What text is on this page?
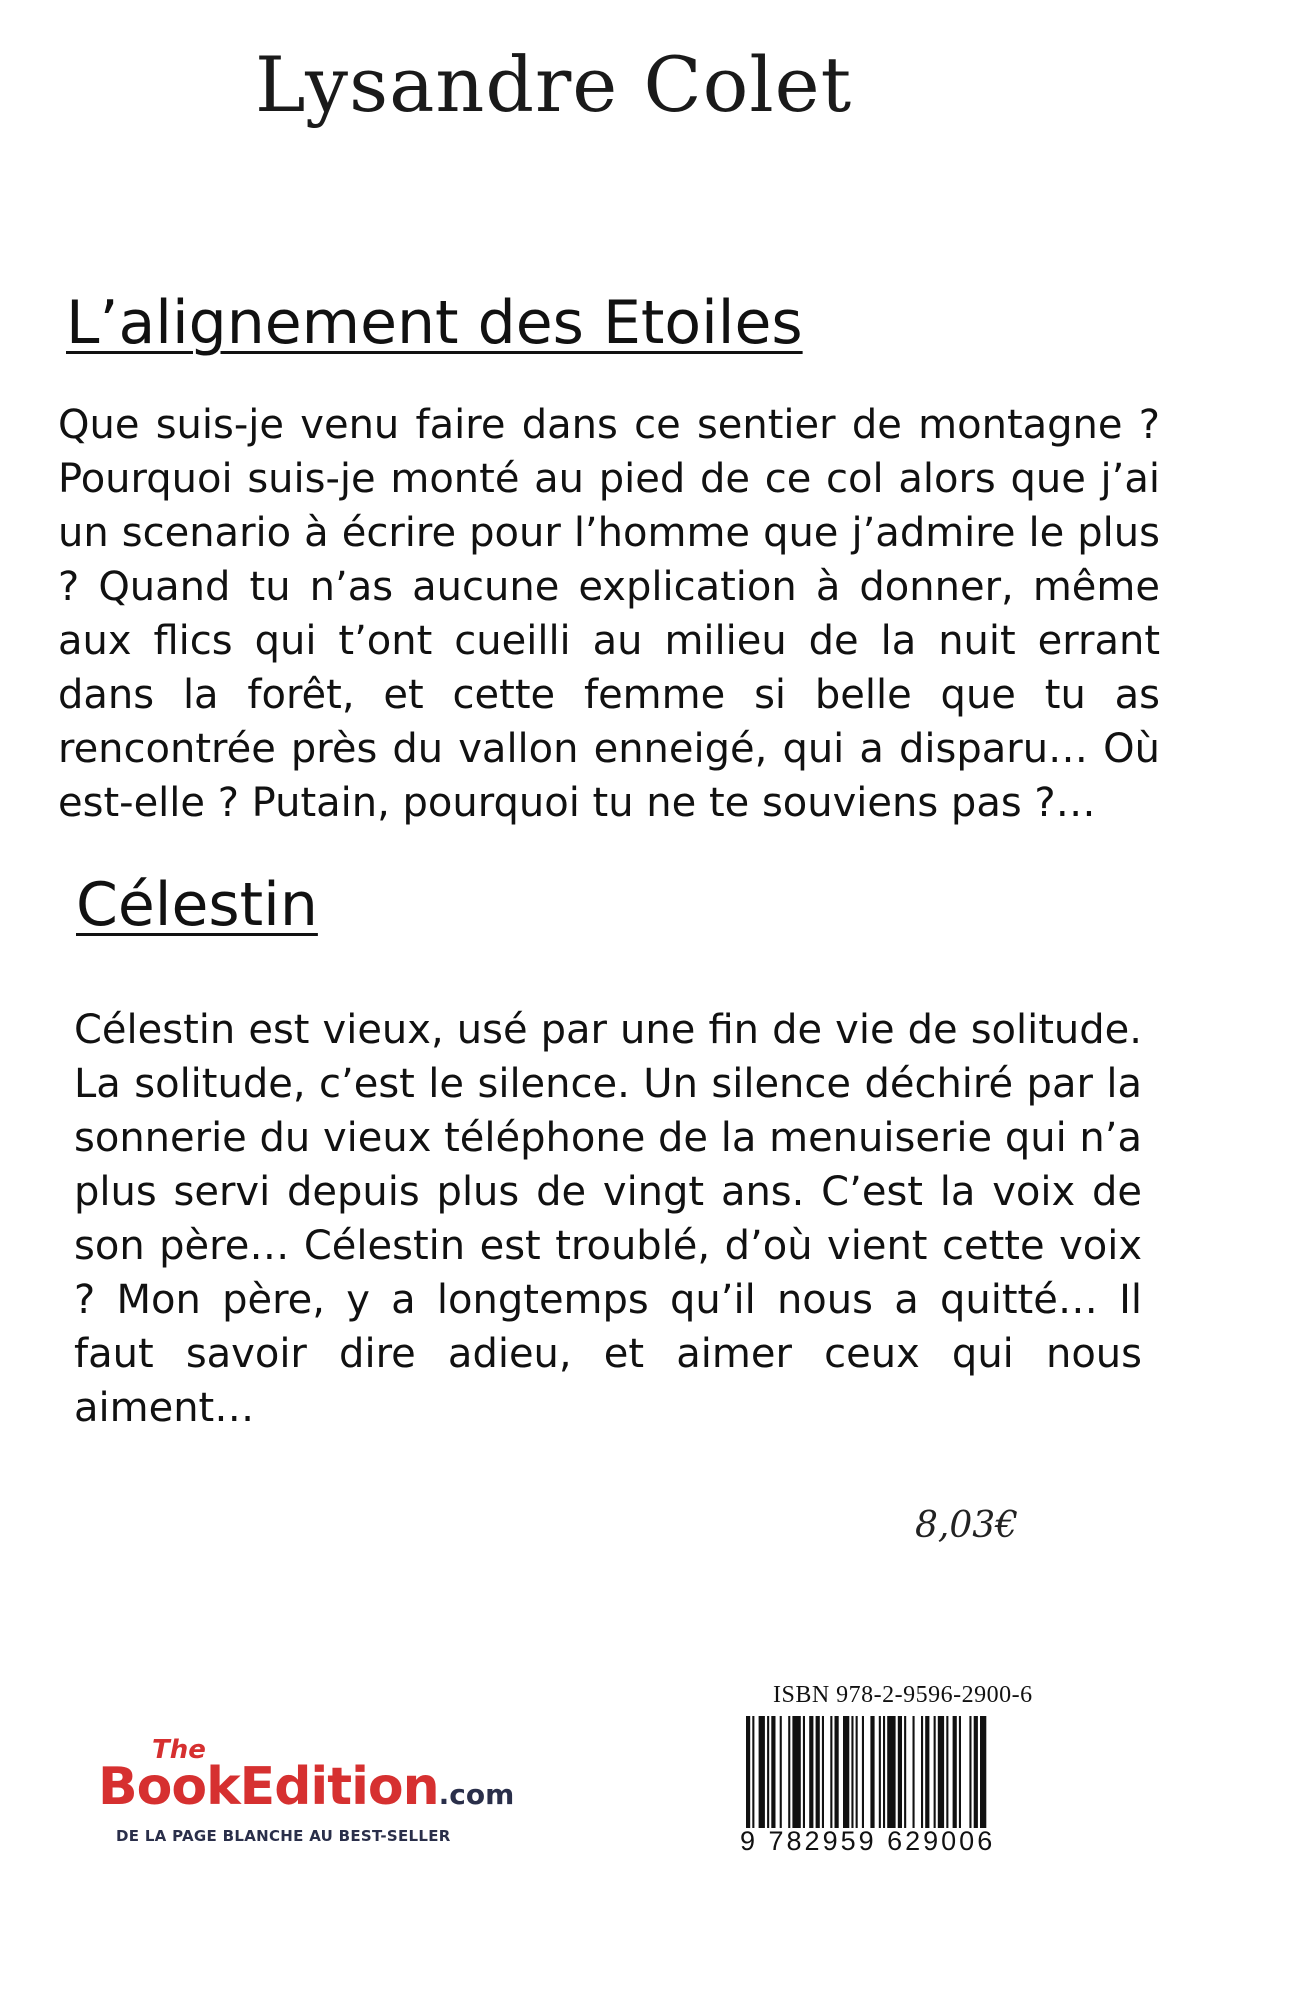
Lysandre Colet
L’alignement des Etoiles

Que suis-je venu faire dans ce sentier de montagne ? Pourquoi suis-je monté au pied de ce col alors que j’ai un scenario à écrire pour l’homme que j’admire le plus ? Quand tu n’as aucune explication à donner, même aux flics qui t’ont cueilli au milieu de la nuit errant dans la forêt, et cette femme si belle que tu as rencontrée près du vallon enneigé, qui a disparu… Où est-elle ? Putain, pourquoi tu ne te souviens pas ?…

Célestin

Célestin est vieux, usé par une fin de vie de solitude. La solitude, c’est le silence. Un silence déchiré par la sonnerie du vieux téléphone de la menuiserie qui n’a plus servi depuis plus de vingt ans. C’est la voix de son père… Célestin est troublé, d’où vient cette voix ? Mon père, y a longtemps qu’il nous a quitté… Il faut savoir dire adieu, et aimer ceux qui nous aiment…

8,03€
ISBN 978-2-9596-2900-6
9 782959 629006
The
BookEdition.com
DE LA PAGE BLANCHE AU BEST-SELLER
